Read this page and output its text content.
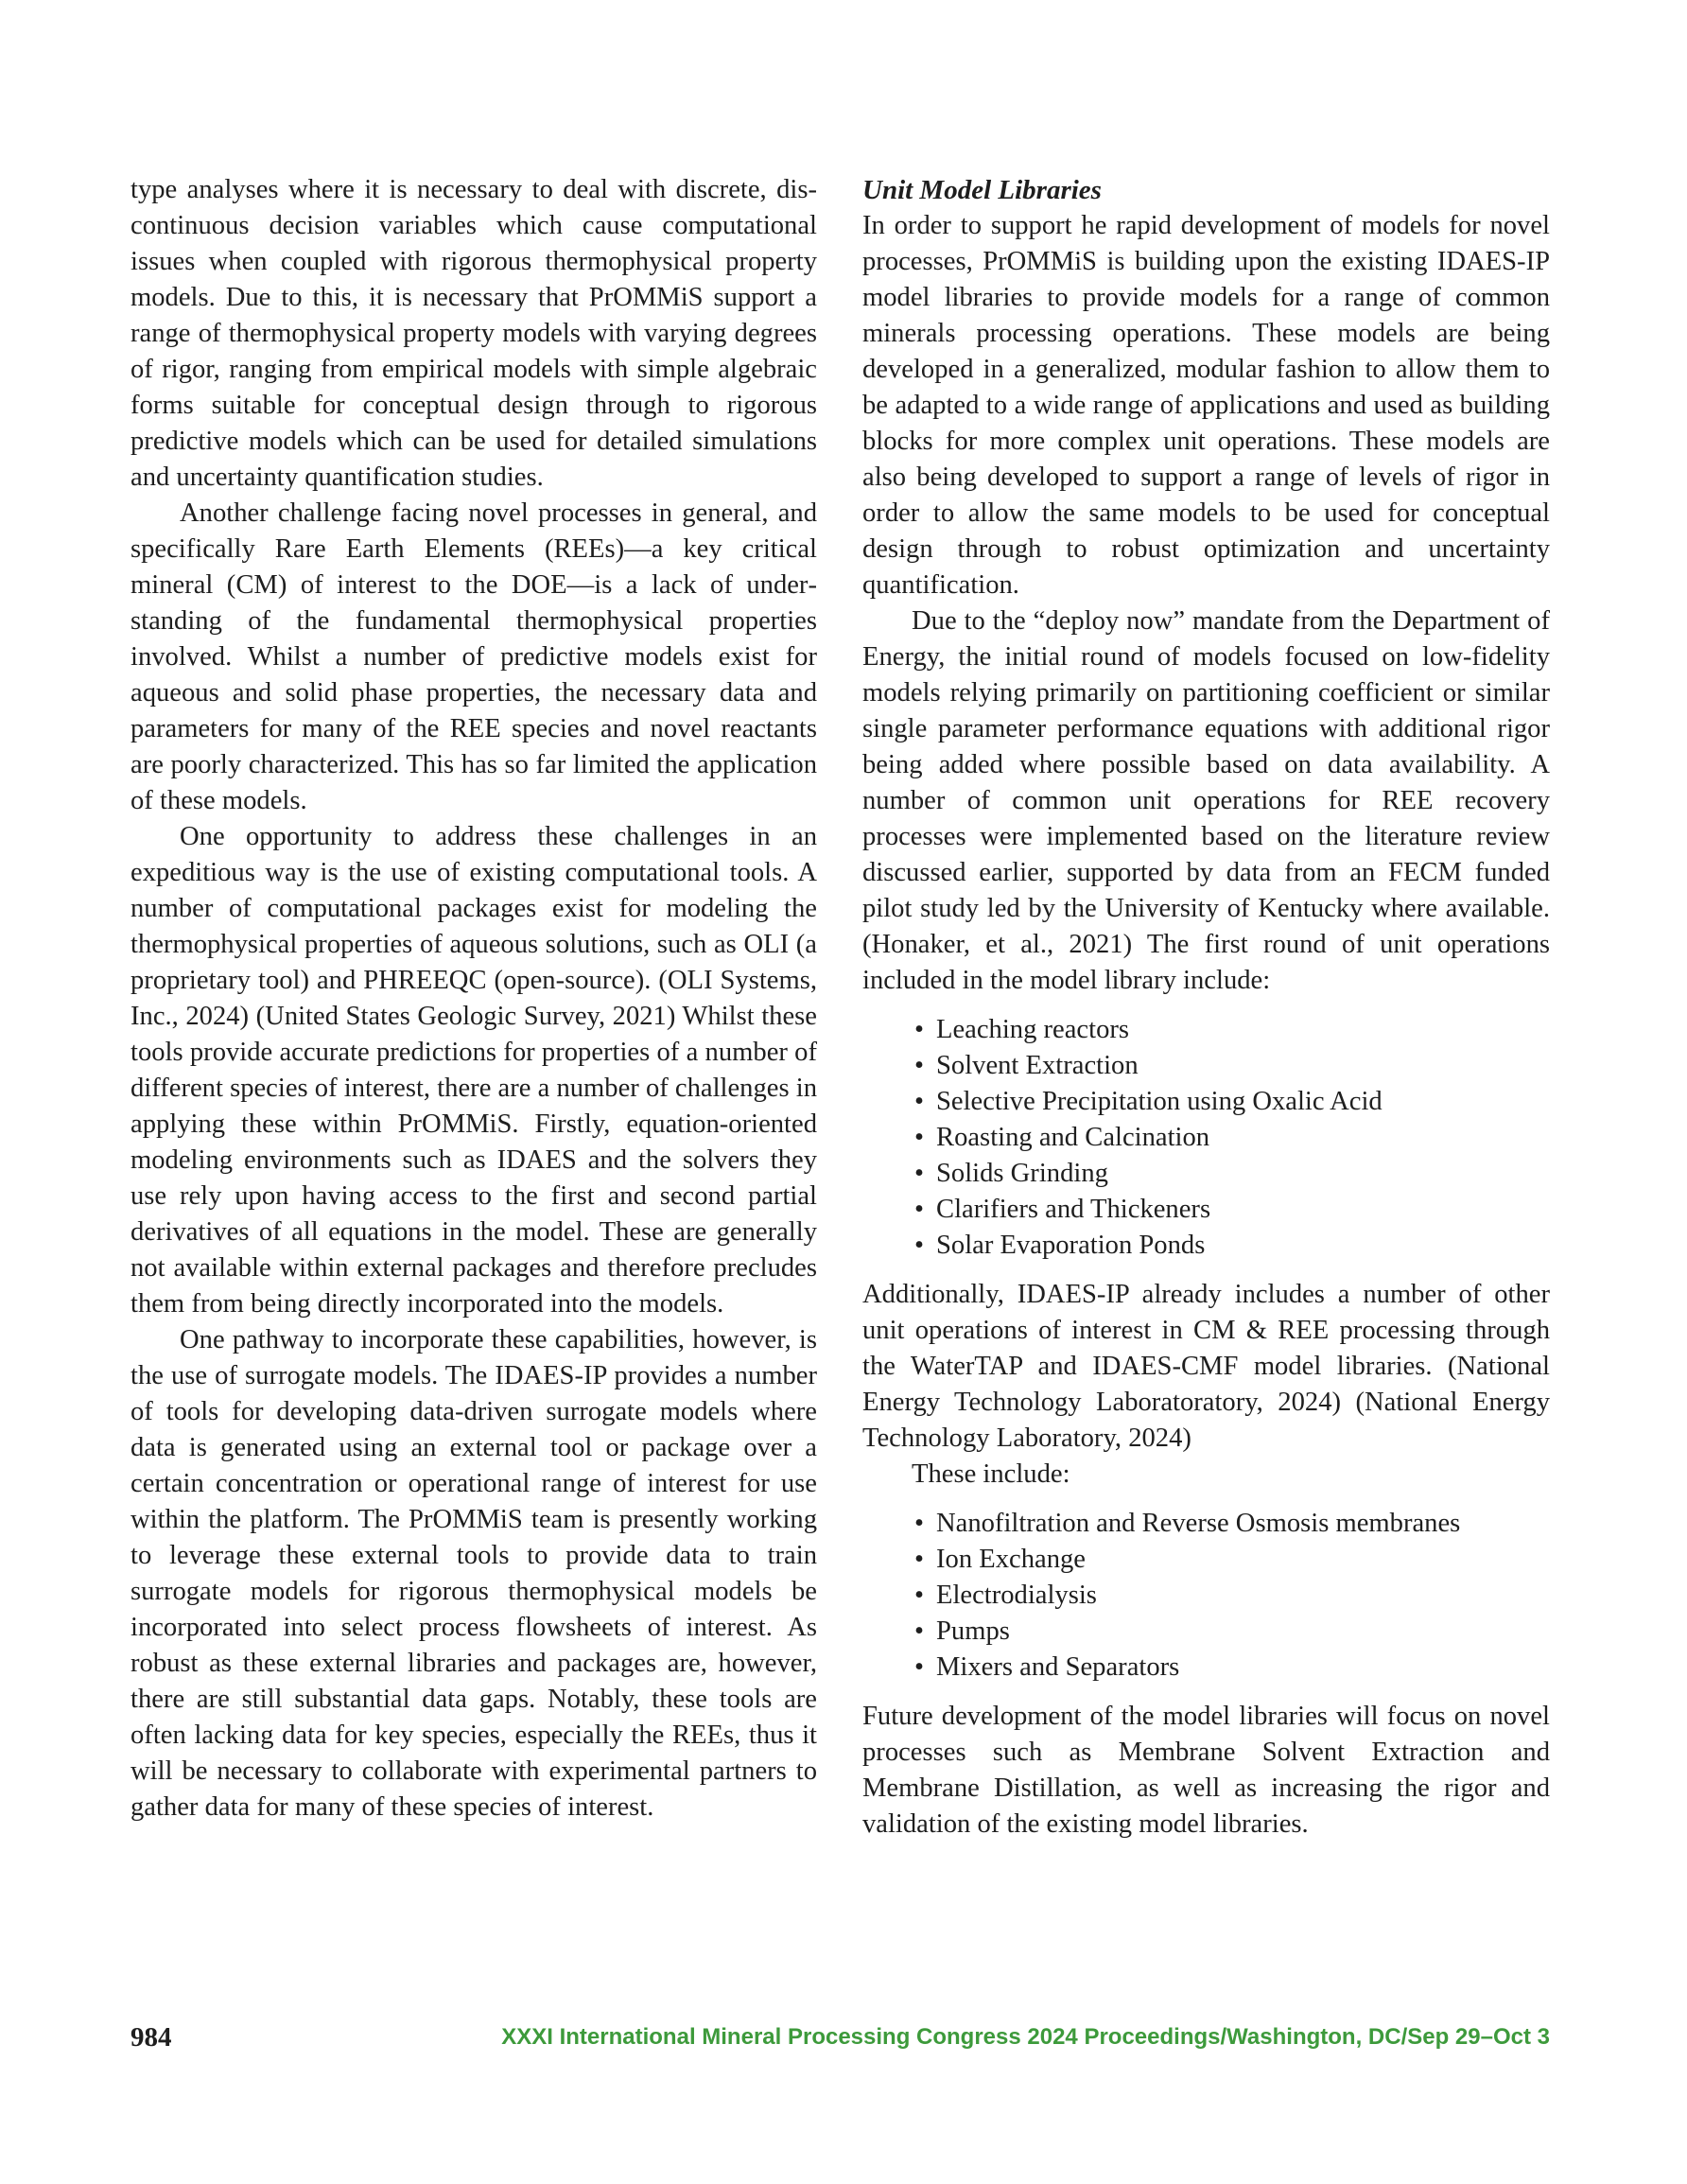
type analyses where it is necessary to deal with discrete, discontinuous decision variables which cause computational issues when coupled with rigorous thermophysical property models. Due to this, it is necessary that PrOMMiS support a range of thermophysical property models with varying degrees of rigor, ranging from empirical models with simple algebraic forms suitable for conceptual design through to rigorous predictive models which can be used for detailed simulations and uncertainty quantification studies.

Another challenge facing novel processes in general, and specifically Rare Earth Elements (REEs)—a key critical mineral (CM) of interest to the DOE—is a lack of understanding of the fundamental thermophysical properties involved. Whilst a number of predictive models exist for aqueous and solid phase properties, the necessary data and parameters for many of the REE species and novel reactants are poorly characterized. This has so far limited the application of these models.

One opportunity to address these challenges in an expeditious way is the use of existing computational tools. A number of computational packages exist for modeling the thermophysical properties of aqueous solutions, such as OLI (a proprietary tool) and PHREEQC (open-source). (OLI Systems, Inc., 2024) (United States Geologic Survey, 2021) Whilst these tools provide accurate predictions for properties of a number of different species of interest, there are a number of challenges in applying these within PrOMMiS. Firstly, equation-oriented modeling environments such as IDAES and the solvers they use rely upon having access to the first and second partial derivatives of all equations in the model. These are generally not available within external packages and therefore precludes them from being directly incorporated into the models.

One pathway to incorporate these capabilities, however, is the use of surrogate models. The IDAES-IP provides a number of tools for developing data-driven surrogate models where data is generated using an external tool or package over a certain concentration or operational range of interest for use within the platform. The PrOMMiS team is presently working to leverage these external tools to provide data to train surrogate models for rigorous thermophysical models be incorporated into select process flowsheets of interest. As robust as these external libraries and packages are, however, there are still substantial data gaps. Notably, these tools are often lacking data for key species, especially the REEs, thus it will be necessary to collaborate with experimental partners to gather data for many of these species of interest.

Unit Model Libraries

In order to support he rapid development of models for novel processes, PrOMMiS is building upon the existing IDAES-IP model libraries to provide models for a range of common minerals processing operations. These models are being developed in a generalized, modular fashion to allow them to be adapted to a wide range of applications and used as building blocks for more complex unit operations. These models are also being developed to support a range of levels of rigor in order to allow the same models to be used for conceptual design through to robust optimization and uncertainty quantification.

Due to the “deploy now” mandate from the Department of Energy, the initial round of models focused on low-fidelity models relying primarily on partitioning coefficient or similar single parameter performance equations with additional rigor being added where possible based on data availability. A number of common unit operations for REE recovery processes were implemented based on the literature review discussed earlier, supported by data from an FECM funded pilot study led by the University of Kentucky where available. (Honaker, et al., 2021) The first round of unit operations included in the model library include:

• Leaching reactors
• Solvent Extraction
• Selective Precipitation using Oxalic Acid
• Roasting and Calcination
• Solids Grinding
• Clarifiers and Thickeners
• Solar Evaporation Ponds

Additionally, IDAES-IP already includes a number of other unit operations of interest in CM & REE processing through the WaterTAP and IDAES-CMF model libraries. (National Energy Technology Laboratoratory, 2024) (National Energy Technology Laboratory, 2024)

These include:

• Nanofiltration and Reverse Osmosis membranes
• Ion Exchange
• Electrodialysis
• Pumps
• Mixers and Separators

Future development of the model libraries will focus on novel processes such as Membrane Solvent Extraction and Membrane Distillation, as well as increasing the rigor and validation of the existing model libraries.

984	XXXI International Mineral Processing Congress 2024 Proceedings/Washington, DC/Sep 29–Oct 3
